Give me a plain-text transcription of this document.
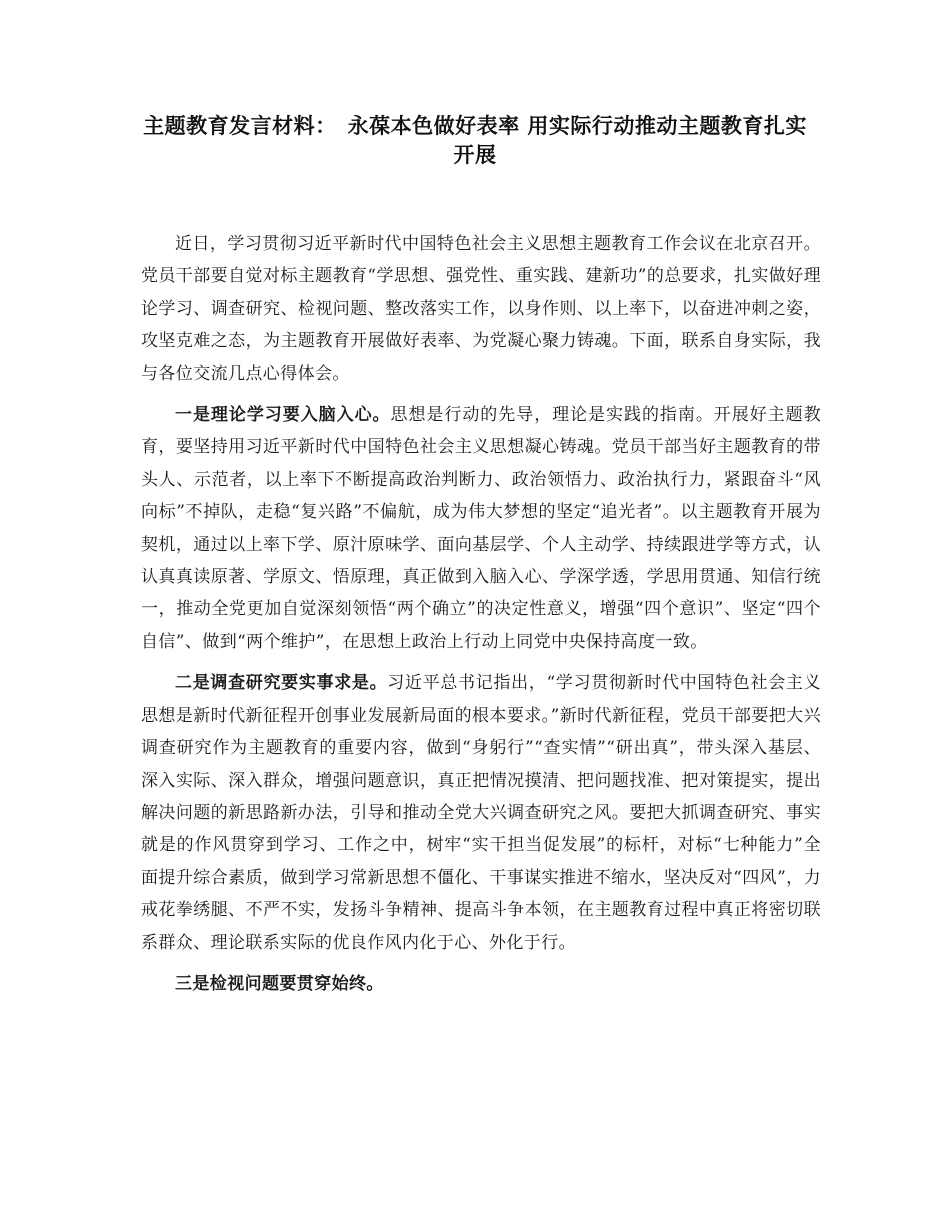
主题教育发言材料：　永葆本色做好表率 用实际行动推动主题教育扎实开展

近日，学习贯彻习近平新时代中国特色社会主义思想主题教育工作会议在北京召开。党员干部要自觉对标主题教育“学思想、强党性、重实践、建新功”的总要求，扎实做好理论学习、调查研究、检视问题、整改落实工作，以身作则、以上率下，以奋进冲刺之姿，攻坚克难之态，为主题教育开展做好表率、为党凝心聚力铸魂。下面，联系自身实际，我与各位交流几点心得体会。

一是理论学习要入脑入心。思想是行动的先导，理论是实践的指南。开展好主题教育，要坚持用习近平新时代中国特色社会主义思想凝心铸魂。党员干部当好主题教育的带头人、示范者，以上率下不断提高政治判断力、政治领悟力、政治执行力，紧跟奋斗“风向标”不掉队，走稳“复兴路”不偏航，成为伟大梦想的坚定“追光者”。以主题教育开展为契机，通过以上率下学、原汁原味学、面向基层学、个人主动学、持续跟进学等方式，认认真真读原著、学原文、悟原理，真正做到入脑入心、学深学透，学思用贯通、知信行统一，推动全党更加自觉深刻领悟“两个确立”的决定性意义，增强“四个意识”、坚定“四个自信”、做到“两个维护”，在思想上政治上行动上同党中央保持高度一致。

二是调查研究要实事求是。习近平总书记指出，“学习贯彻新时代中国特色社会主义思想是新时代新征程开创事业发展新局面的根本要求。”新时代新征程，党员干部要把大兴调查研究作为主题教育的重要内容，做到“身躬行”“查实情”“研出真”，带头深入基层、深入实际、深入群众，增强问题意识，真正把情况摸清、把问题找准、把对策提实，提出解决问题的新思路新办法，引导和推动全党大兴调查研究之风。要把大抓调查研究、事实就是的作风贯穿到学习、工作之中，树牢“实干担当促发展”的标杆，对标“七种能力”全面提升综合素质，做到学习常新思想不僵化、干事谋实推进不缩水，坚决反对“四风”，力戒花拳绣腿、不严不实，发扬斗争精神、提高斗争本领，在主题教育过程中真正将密切联系群众、理论联系实际的优良作风内化于心、外化于行。

三是检视问题要贯穿始终。
